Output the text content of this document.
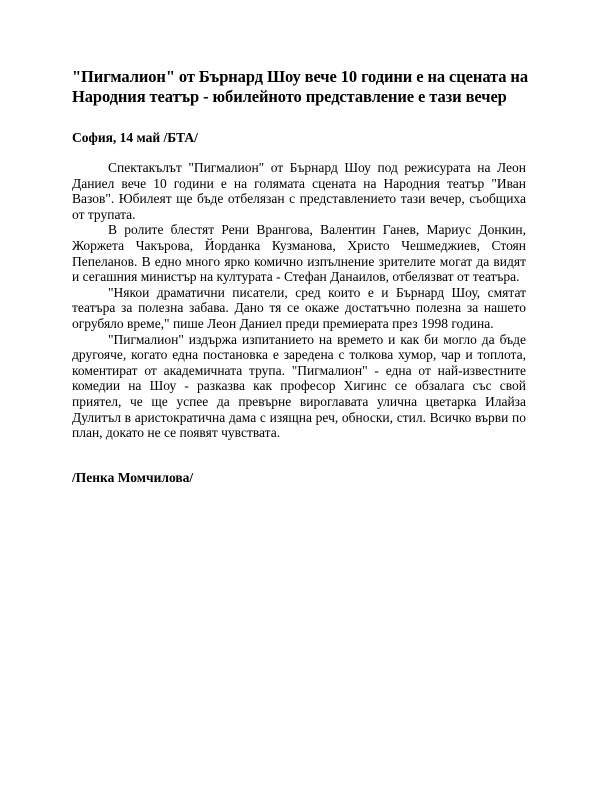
"Пигмалион" от Бърнард Шоу вече 10 години е на сцената на Народния театър - юбилейното представление е тази вечер

София, 14 май /БТА/

Спектакълът "Пигмалион" от Бърнард Шоу под режисурата на Леон Даниел вече 10 години е на голямата сцената на Народния театър "Иван Вазов". Юбилеят ще бъде отбелязан с представлението тази вечер, съобщиха от трупата.

В ролите блестят Рени Врангова, Валентин Ганев, Мариус Донкин, Жоржета Чакърова, Йорданка Кузманова, Христо Чешмеджиев, Стоян Пепеланов. В едно много ярко комично изпълнение зрителите могат да видят и сегашния министър на културата - Стефан Данаилов, отбелязват от театъра.

"Някои драматични писатели, сред които е и Бърнард Шоу, смятат театъра за полезна забава. Дано тя се окаже достатъчно полезна за нашето огрубяло време," пише Леон Даниел преди премиерата през 1998 година.

"Пигмалион" издържа изпитанието на времето и как би могло да бъде другояче, когато една постановка е заредена с толкова хумор, чар и топлота, коментират от академичната трупа. "Пигмалион" - една от най-известните комедии на Шоу - разказва как професор Хигинс се обзалага със свой приятел, че ще успее да превърне вироглавата улична цветарка Илайза Дулитъл в аристократична дама с изящна реч, обноски, стил. Всичко върви по план, докато не се появят чувствата.

/Пенка Момчилова/
